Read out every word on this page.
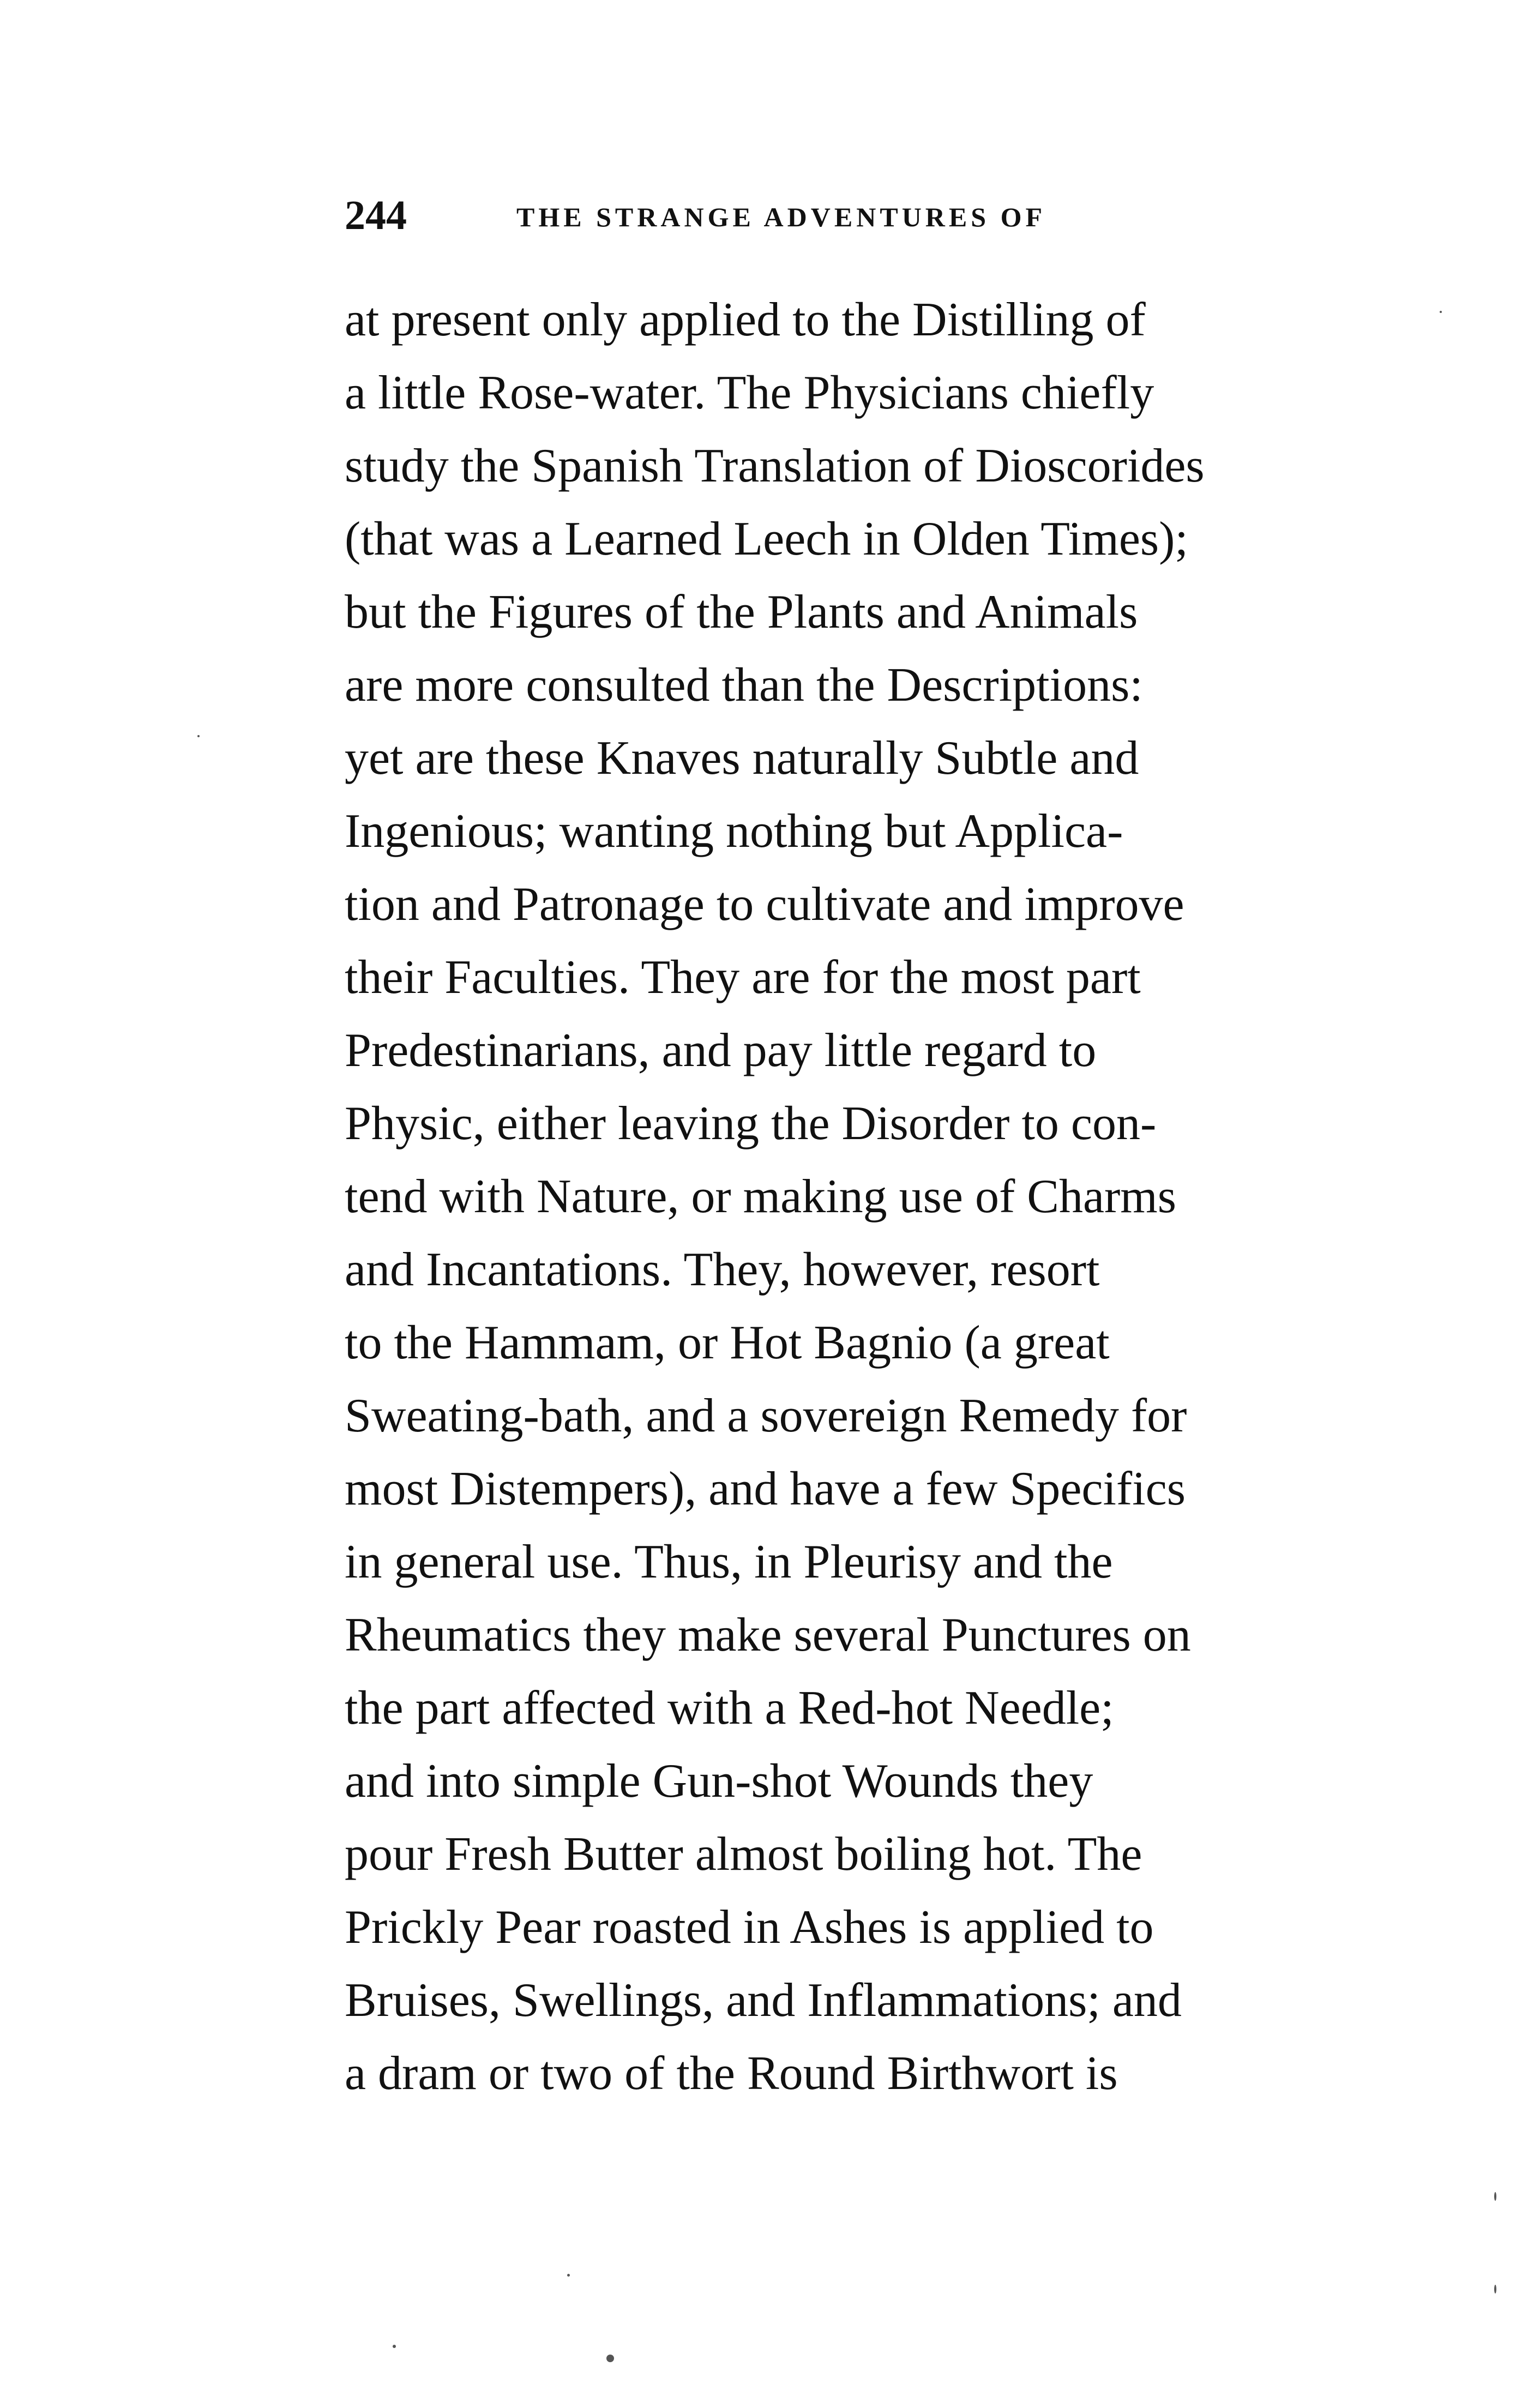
244	THE STRANGE ADVENTURES OF
at present only applied to the Distilling of
a little Rose-water. The Physicians chiefly
study the Spanish Translation of Dioscorides
(that was a Learned Leech in Olden Times);
but the Figures of the Plants and Animals
are more consulted than the Descriptions:
yet are these Knaves naturally Subtle and
Ingenious; wanting nothing but Applica-
tion and Patronage to cultivate and improve
their Faculties. They are for the most part
Predestinarians, and pay little regard to
Physic, either leaving the Disorder to con-
tend with Nature, or making use of Charms
and Incantations. They, however, resort
to the Hammam, or Hot Bagnio (a great
Sweating-bath, and a sovereign Remedy for
most Distempers), and have a few Specifics
in general use. Thus, in Pleurisy and the
Rheumatics they make several Punctures on
the part affected with a Red-hot Needle;
and into simple Gun-shot Wounds they
pour Fresh Butter almost boiling hot. The
Prickly Pear roasted in Ashes is applied to
Bruises, Swellings, and Inflammations; and
a dram or two of the Round Birthwort is
